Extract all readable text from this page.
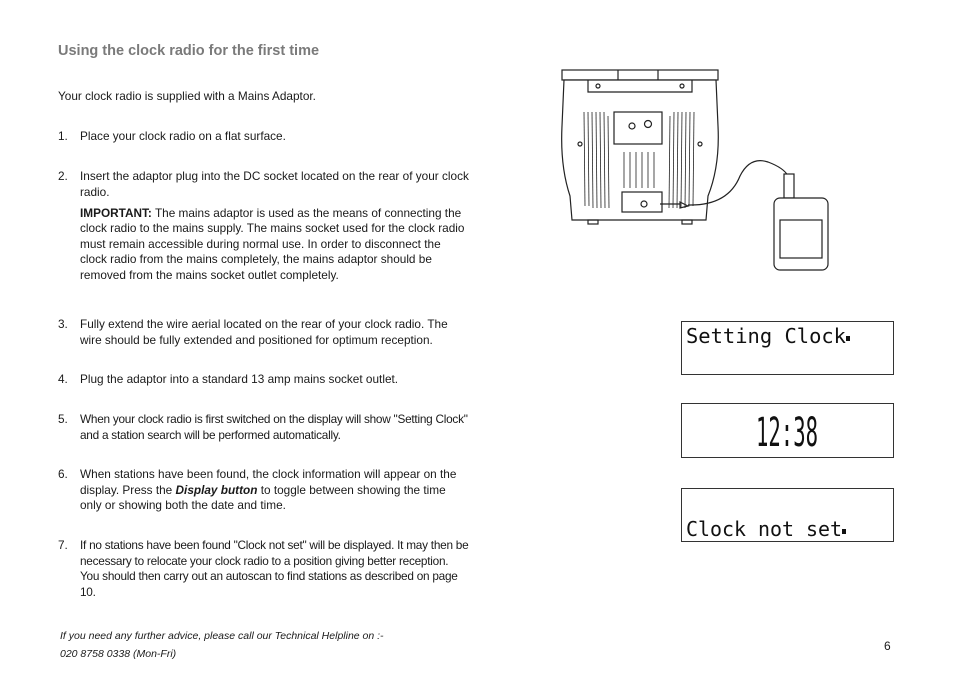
Using the clock radio for the first time
Your clock radio is supplied with a Mains Adaptor.
1. Place your clock radio on a flat surface.
2. Insert the adaptor plug into the DC socket located on the rear of your clock radio.
IMPORTANT: The mains adaptor is used as the means of connecting the clock radio to the mains supply. The mains socket used for the clock radio must remain accessible during normal use. In order to disconnect the clock radio from the mains completely, the mains adaptor should be removed from the mains socket outlet completely.
3. Fully extend the wire aerial located on the rear of your clock radio. The wire should be fully extended and positioned for optimum reception.
4. Plug the adaptor into a standard 13 amp mains socket outlet.
5. When your clock radio is first switched on the display will show "Setting Clock" and a station search will be performed automatically.
6. When stations have been found, the clock information will appear on the display. Press the Display button to toggle between showing the time only or showing both the date and time.
7. If no stations have been found "Clock not set" will be displayed. It may then be necessary to relocate your clock radio to a position giving better reception. You should then carry out an autoscan to find stations as described on page 10.
If you need any further advice, please call our Technical Helpline on :-
020 8758 0338 (Mon-Fri)
6
Setting Clock
12:38
Clock not set
